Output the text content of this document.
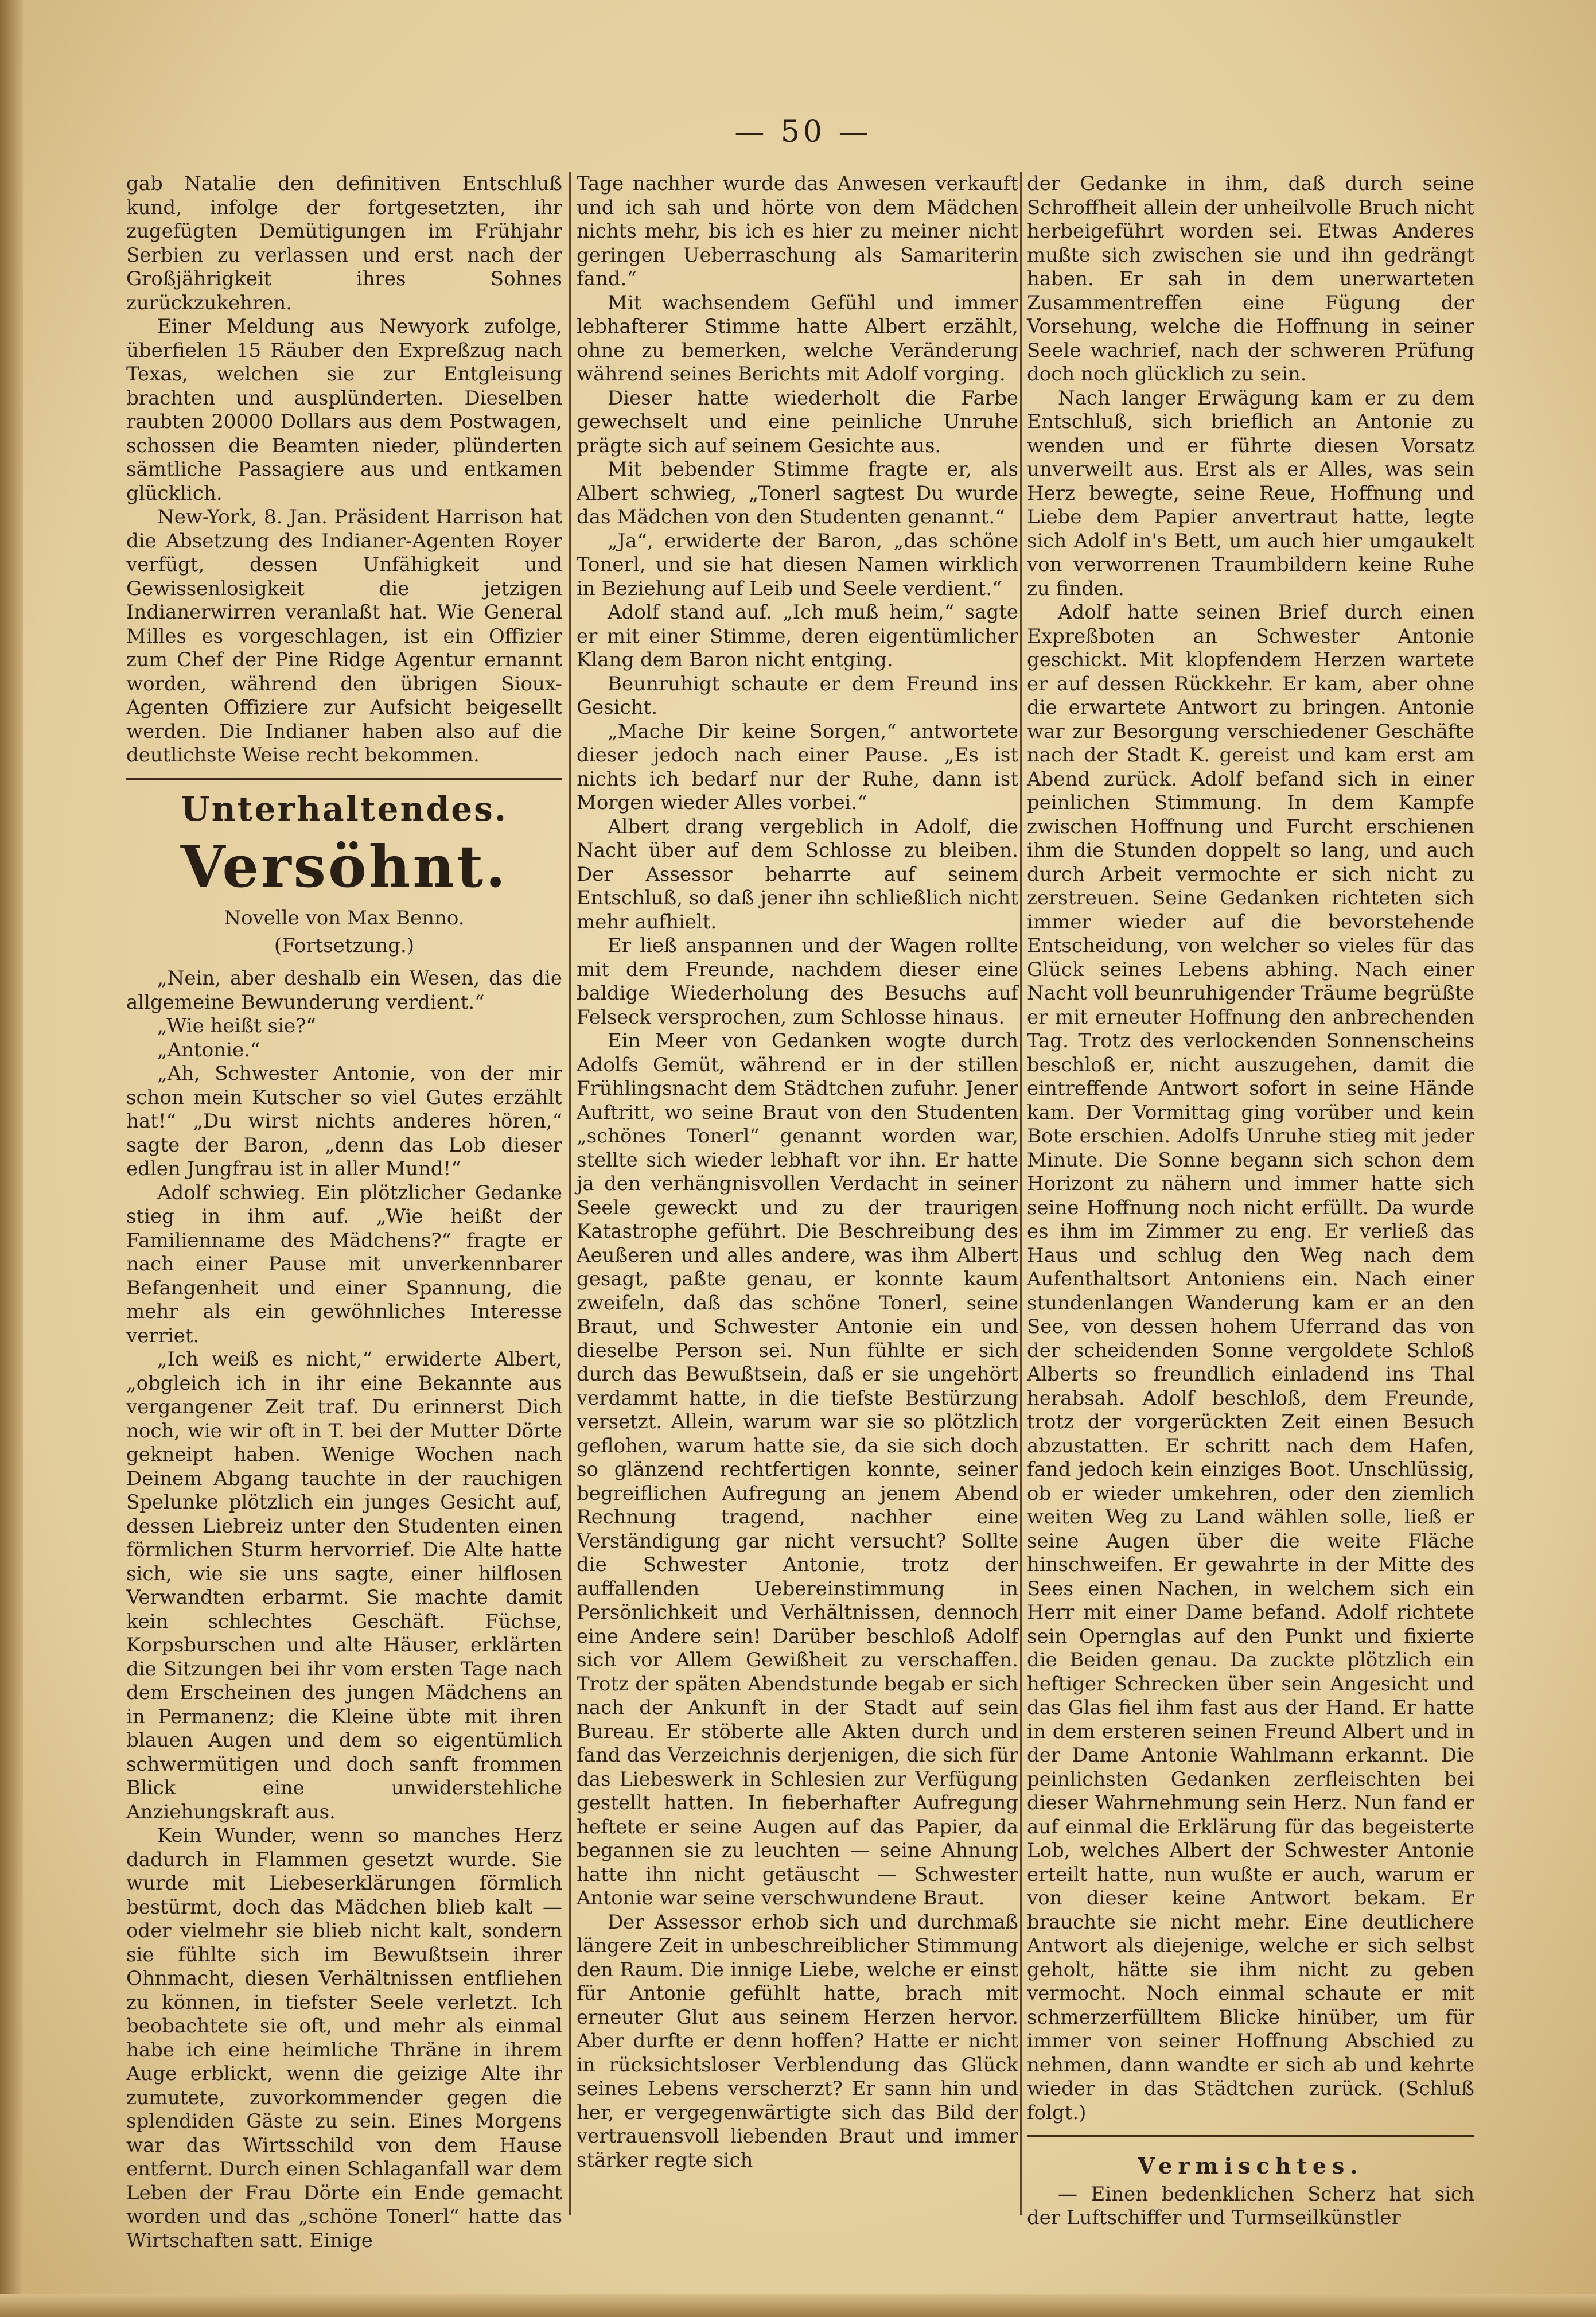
— 50 —

gab Natalie den definitiven Entschluß kund, infolge der fortgesetzten, ihr zugefügten Demütigungen im Frühjahr Serbien zu verlassen und erst nach der Großjährigkeit ihres Sohnes zurückzukehren.

Einer Meldung aus Newyork zufolge, überfielen 15 Räuber den Expreßzug nach Texas, welchen sie zur Entgleisung brachten und ausplünderten. Dieselben raubten 20000 Dollars aus dem Postwagen, schossen die Beamten nieder, plünderten sämtliche Passagiere aus und entkamen glücklich.

New-York, 8. Jan. Präsident Harrison hat die Absetzung des Indianer-Agenten Royer verfügt, dessen Unfähigkeit und Gewissenlosigkeit die jetzigen Indianerwirren veranlaßt hat. Wie General Milles es vorgeschlagen, ist ein Offizier zum Chef der Pine Ridge Agentur ernannt worden, während den übrigen Sioux-Agenten Offiziere zur Aufsicht beigesellt werden. Die Indianer haben also auf die deutlichste Weise recht bekommen.

Unterhaltendes.
Versöhnt.
Novelle von Max Benno.
(Fortsetzung.)

„Nein, aber deshalb ein Wesen, das die allgemeine Bewunderung verdient.“

„Wie heißt sie?“

„Antonie.“

„Ah, Schwester Antonie, von der mir schon mein Kutscher so viel Gutes erzählt hat!“ „Du wirst nichts anderes hören,“ sagte der Baron, „denn das Lob dieser edlen Jungfrau ist in aller Mund!“

Adolf schwieg. Ein plötzlicher Gedanke stieg in ihm auf. „Wie heißt der Familienname des Mädchens?“ fragte er nach einer Pause mit unverkennbarer Befangenheit und einer Spannung, die mehr als ein gewöhnliches Interesse verriet.

„Ich weiß es nicht,“ erwiderte Albert, „obgleich ich in ihr eine Bekannte aus vergangener Zeit traf. Du erinnerst Dich noch, wie wir oft in T. bei der Mutter Dörte gekneipt haben. Wenige Wochen nach Deinem Abgang tauchte in der rauchigen Spelunke plötzlich ein junges Gesicht auf, dessen Liebreiz unter den Studenten einen förmlichen Sturm hervorrief. Die Alte hatte sich, wie sie uns sagte, einer hilflosen Verwandten erbarmt. Sie machte damit kein schlechtes Geschäft. Füchse, Korpsburschen und alte Häuser, erklärten die Sitzungen bei ihr vom ersten Tage nach dem Erscheinen des jungen Mädchens an in Permanenz; die Kleine übte mit ihren blauen Augen und dem so eigentümlich schwermütigen und doch sanft frommen Blick eine unwiderstehliche Anziehungskraft aus.

Kein Wunder, wenn so manches Herz dadurch in Flammen gesetzt wurde. Sie wurde mit Liebeserklärungen förmlich bestürmt, doch das Mädchen blieb kalt — oder vielmehr sie blieb nicht kalt, sondern sie fühlte sich im Bewußtsein ihrer Ohnmacht, diesen Verhältnissen entfliehen zu können, in tiefster Seele verletzt. Ich beobachtete sie oft, und mehr als einmal habe ich eine heimliche Thräne in ihrem Auge erblickt, wenn die geizige Alte ihr zumutete, zuvorkommender gegen die splendiden Gäste zu sein. Eines Morgens war das Wirtsschild von dem Hause entfernt. Durch einen Schlaganfall war dem Leben der Frau Dörte ein Ende gemacht worden und das „schöne Tonerl“ hatte das Wirtschaften satt. Einige

Tage nachher wurde das Anwesen verkauft und ich sah und hörte von dem Mädchen nichts mehr, bis ich es hier zu meiner nicht geringen Ueberraschung als Samariterin fand.“

Mit wachsendem Gefühl und immer lebhafterer Stimme hatte Albert erzählt, ohne zu bemerken, welche Veränderung während seines Berichts mit Adolf vorging.

Dieser hatte wiederholt die Farbe gewechselt und eine peinliche Unruhe prägte sich auf seinem Gesichte aus.

Mit bebender Stimme fragte er, als Albert schwieg, „Tonerl sagtest Du wurde das Mädchen von den Studenten genannt.“

„Ja“, erwiderte der Baron, „das schöne Tonerl, und sie hat diesen Namen wirklich in Beziehung auf Leib und Seele verdient.“

Adolf stand auf. „Ich muß heim,“ sagte er mit einer Stimme, deren eigentümlicher Klang dem Baron nicht entging.

Beunruhigt schaute er dem Freund ins Gesicht.

„Mache Dir keine Sorgen,“ antwortete dieser jedoch nach einer Pause. „Es ist nichts ich bedarf nur der Ruhe, dann ist Morgen wieder Alles vorbei.“

Albert drang vergeblich in Adolf, die Nacht über auf dem Schlosse zu bleiben. Der Assessor beharrte auf seinem Entschluß, so daß jener ihn schließlich nicht mehr aufhielt.

Er ließ anspannen und der Wagen rollte mit dem Freunde, nachdem dieser eine baldige Wiederholung des Besuchs auf Felseck versprochen, zum Schlosse hinaus.

Ein Meer von Gedanken wogte durch Adolfs Gemüt, während er in der stillen Frühlingsnacht dem Städtchen zufuhr. Jener Auftritt, wo seine Braut von den Studenten „schönes Tonerl“ genannt worden war, stellte sich wieder lebhaft vor ihn. Er hatte ja den verhängnisvollen Verdacht in seiner Seele geweckt und zu der traurigen Katastrophe geführt. Die Beschreibung des Aeußeren und alles andere, was ihm Albert gesagt, paßte genau, er konnte kaum zweifeln, daß das schöne Tonerl, seine Braut, und Schwester Antonie ein und dieselbe Person sei. Nun fühlte er sich durch das Bewußtsein, daß er sie ungehört verdammt hatte, in die tiefste Bestürzung versetzt. Allein, warum war sie so plötzlich geflohen, warum hatte sie, da sie sich doch so glänzend rechtfertigen konnte, seiner begreiflichen Aufregung an jenem Abend Rechnung tragend, nachher eine Verständigung gar nicht versucht? Sollte die Schwester Antonie, trotz der auffallenden Uebereinstimmung in Persönlichkeit und Verhältnissen, dennoch eine Andere sein! Darüber beschloß Adolf sich vor Allem Gewißheit zu verschaffen. Trotz der späten Abendstunde begab er sich nach der Ankunft in der Stadt auf sein Bureau. Er stöberte alle Akten durch und fand das Verzeichnis derjenigen, die sich für das Liebeswerk in Schlesien zur Verfügung gestellt hatten. In fieberhafter Aufregung heftete er seine Augen auf das Papier, da begannen sie zu leuchten — seine Ahnung hatte ihn nicht getäuscht — Schwester Antonie war seine verschwundene Braut.

Der Assessor erhob sich und durchmaß längere Zeit in unbeschreiblicher Stimmung den Raum. Die innige Liebe, welche er einst für Antonie gefühlt hatte, brach mit erneuter Glut aus seinem Herzen hervor. Aber durfte er denn hoffen? Hatte er nicht in rücksichtsloser Verblendung das Glück seines Lebens verscherzt? Er sann hin und her, er vergegenwärtigte sich das Bild der vertrauensvoll liebenden Braut und immer stärker regte sich

der Gedanke in ihm, daß durch seine Schroffheit allein der unheilvolle Bruch nicht herbeigeführt worden sei. Etwas Anderes mußte sich zwischen sie und ihn gedrängt haben. Er sah in dem unerwarteten Zusammentreffen eine Fügung der Vorsehung, welche die Hoffnung in seiner Seele wachrief, nach der schweren Prüfung doch noch glücklich zu sein.

Nach langer Erwägung kam er zu dem Entschluß, sich brieflich an Antonie zu wenden und er führte diesen Vorsatz unverweilt aus. Erst als er Alles, was sein Herz bewegte, seine Reue, Hoffnung und Liebe dem Papier anvertraut hatte, legte sich Adolf in's Bett, um auch hier umgaukelt von verworrenen Traumbildern keine Ruhe zu finden.

Adolf hatte seinen Brief durch einen Expreßboten an Schwester Antonie geschickt. Mit klopfendem Herzen wartete er auf dessen Rückkehr. Er kam, aber ohne die erwartete Antwort zu bringen. Antonie war zur Besorgung verschiedener Geschäfte nach der Stadt K. gereist und kam erst am Abend zurück. Adolf befand sich in einer peinlichen Stimmung. In dem Kampfe zwischen Hoffnung und Furcht erschienen ihm die Stunden doppelt so lang, und auch durch Arbeit vermochte er sich nicht zu zerstreuen. Seine Gedanken richteten sich immer wieder auf die bevorstehende Entscheidung, von welcher so vieles für das Glück seines Lebens abhing. Nach einer Nacht voll beunruhigender Träume begrüßte er mit erneuter Hoffnung den anbrechenden Tag. Trotz des verlockenden Sonnenscheins beschloß er, nicht auszugehen, damit die eintreffende Antwort sofort in seine Hände kam. Der Vormittag ging vorüber und kein Bote erschien. Adolfs Unruhe stieg mit jeder Minute. Die Sonne begann sich schon dem Horizont zu nähern und immer hatte sich seine Hoffnung noch nicht erfüllt. Da wurde es ihm im Zimmer zu eng. Er verließ das Haus und schlug den Weg nach dem Aufenthaltsort Antoniens ein. Nach einer stundenlangen Wanderung kam er an den See, von dessen hohem Uferrand das von der scheidenden Sonne vergoldete Schloß Alberts so freundlich einladend ins Thal herabsah. Adolf beschloß, dem Freunde, trotz der vorgerückten Zeit einen Besuch abzustatten. Er schritt nach dem Hafen, fand jedoch kein einziges Boot. Unschlüssig, ob er wieder umkehren, oder den ziemlich weiten Weg zu Land wählen solle, ließ er seine Augen über die weite Fläche hinschweifen. Er gewahrte in der Mitte des Sees einen Nachen, in welchem sich ein Herr mit einer Dame befand. Adolf richtete sein Opernglas auf den Punkt und fixierte die Beiden genau. Da zuckte plötzlich ein heftiger Schrecken über sein Angesicht und das Glas fiel ihm fast aus der Hand. Er hatte in dem ersteren seinen Freund Albert und in der Dame Antonie Wahlmann erkannt. Die peinlichsten Gedanken zerfleischten bei dieser Wahrnehmung sein Herz. Nun fand er auf einmal die Erklärung für das begeisterte Lob, welches Albert der Schwester Antonie erteilt hatte, nun wußte er auch, warum er von dieser keine Antwort bekam. Er brauchte sie nicht mehr. Eine deutlichere Antwort als diejenige, welche er sich selbst geholt, hätte sie ihm nicht zu geben vermocht. Noch einmal schaute er mit schmerzerfülltem Blicke hinüber, um für immer von seiner Hoffnung Abschied zu nehmen, dann wandte er sich ab und kehrte wieder in das Städtchen zurück. (Schluß folgt.)

Vermischtes.

— Einen bedenklichen Scherz hat sich der Luftschiffer und Turmseilkünstler
